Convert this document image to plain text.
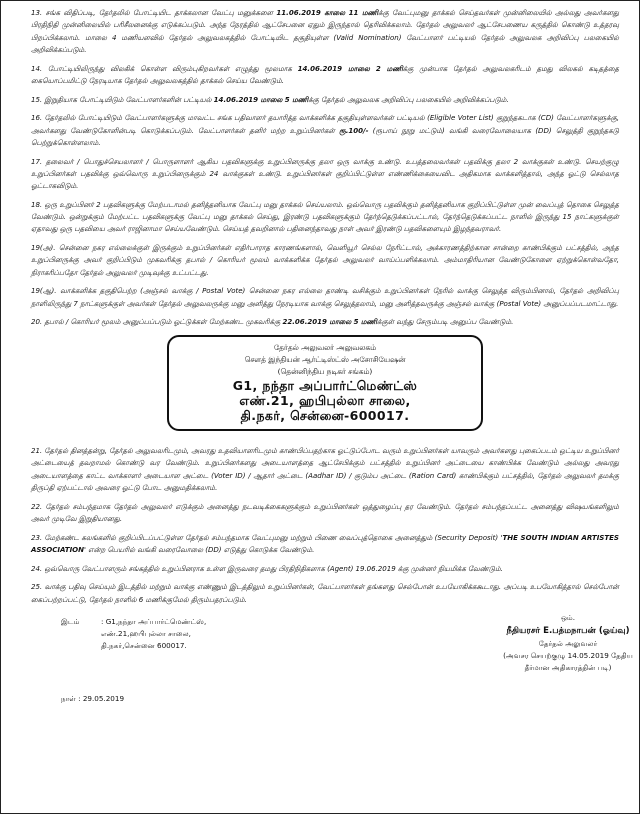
13. சங்க விதிப்படி, தேர்தலில் போட்டியிட தாக்கலான வேட்பு மனுக்களை 11.06.2019 காலை 11 மணிக்கு வேட்புமனு தாக்கல் செய்தவர்கள் முன்னிலையில் அல்லது அவர்களது பிரதிநிதி முன்னிலையில் பரிசீலனைக்கு எடுக்கப்படும். அந்த நேரத்தில் ஆட்சேபனை ஏதும் இருந்தால் தெரிவிக்கலாம். தேர்தல் அலுவலர் ஆட்சேபணைய கருத்தில் கொண்டு உத்தரவு பிறப்பிக்கலாம். மாலை 4 மணியளவில் தேர்தல் அலுவலகத்தில் போட்டியிட தகுதியுள்ள (Valid Nomination) வேட்பாளர் பட்டியல் தேர்தல் அலுவலக அறிவிப்பு பலகையில் அறிவிக்கப்படும்.

14. போட்டியிலிருந்து விலகிக் கொள்ள விரும்புகிறவர்கள் எழுத்து மூலமாக 14.06.2019 மாலை 2 மணிக்கு முன்பாக தேர்தல் அலுவலகரிடம் தமது விலகல் கடிதத்தை கையொப்பமிட்டு நேரடியாக தேர்தல் அலுவலகத்தில் தாக்கல் செய்ய வேண்டும்.

15. இறுதியாக போட்டியிடும் வேட்பாளர்களின் பட்டியல் 14.06.2019 மாலை 5 மணிக்கு தேர்தல் அலுவலக அறிவிப்பு பலகையில் அறிவிக்கப்படும்.

16. தேர்தலில் போட்டியிடும் வேட்பாளர்களுக்கு மாவட்ட சங்க பதிவாளர் தயாரித்த வாக்களிக்க தகுதியுள்ளவர்கள் பட்டியல் (Eligible Voter List) குறுந்தகடாக (CD) வேட்பாளர்களுக்கு, அவர்களது வேண்டுகோளின்படி கொடுக்கப்படும். வேட்பாளர்கள் தனிர் மற்ற உறுப்பினர்கள் ரூ.100/- (ரூபாய் நூறு மட்டும்) வங்கி வரைவோலையாக (DD) செலுத்தி குறுந்தகடு பெற்றுக்கொள்ளலாம்.

17. தலைவர் / பொதுச்செயலாளர் / பொருளாளர் ஆகிய பதவிகளுக்கு உறுப்பினருக்கு தலா ஒரு வாக்கு உண்டு. உபத்தலைவர்கள் பதவிக்கு தலா 2 வாக்குகள் உண்டு. செயற்குழு உறுப்பினர்கள் பதவிக்கு ஒவ்வொரு உறுப்பினருக்கும் 24 வாக்குகள் உண்டு. உறுப்பினர்கள் குறிப்பிட்டுள்ள எண்ணிக்கையைவிட அதிகமாக வாக்களித்தால், அந்த ஓட்டு செல்லாத ஓட்டாகவிடும்.

18. ஒரு உறுப்பினர் 2 பதவிகளுக்கு மேற்படாமல் தனித்தனியாக வேட்பு மனு தாக்கல் செய்யலாம். ஒவ்வொரு பதவிக்கும் தனித்தனியாக குறிப்பிட்டுள்ள முன் வைப்புத் தொகை செலுத்த வேண்டும். ஒன்றுக்கும் மேற்பட்ட பதவிகளுக்கு வேட்பு மனு தாக்கல் செய்து, இரண்டு பதவிகளுக்கும் தேர்ந்தெடுக்கப்பட்டால், தேர்ந்தெடுக்கப்பட்ட நாளில் இருந்து 15 நாட்களுக்குள் ஏதாவது ஒரு பதவியை அவர் ராஜினாமா செய்யவேண்டும். செய்யத் தவறினால் பதினைந்தாவது நாள் அவர் இரண்டு பதவிகளையும் இழந்தவராவர்.

19(அ). சென்னை நகர எல்லைக்குள் இருக்கும் உறுப்பினர்கள் எதிர்பாராத காரணங்களால், வெளியூர் செல்ல நேரிட்டால், அக்காரணத்திற்கான சான்றை காண்பிக்கும் பட்சத்தில், அந்த உறுப்பினருக்கு அவர் குறிப்பிடும் முகவரிக்கு தபால் / கொரியர் மூலம் வாக்களிக்க தேர்தல் அலுவலர் வாய்ப்பளிக்கலாம். அம்மாதிரியான வேண்டுகோளை ஏற்றுக்கொள்வதோ, நிராகரிப்பதோ தேர்தல் அலுவலர் முடிவுக்கு உட்பட்டது.

19(ஆ). வாக்களிக்க தகுதிபெற்ற (அஞ்சல் வாக்கு / Postal Vote) சென்னை நகர எல்லை தாண்டி வசிக்கும் உறுப்பினர்கள் நேரில் வாக்கு செலுத்த விரும்பினால், தேர்தல் அறிவிப்பு நாளிலிருந்து 7 நாட்களுக்குள் அவர்கள் தேர்தல் அலுவலருக்கு மனு அளித்து நேரடியாக வாக்கு செலுத்தலாம், மனு அளித்தவருக்கு அஞ்சல் வாக்கு (Postal Vote) அனுப்பப்படமாட்டாது.

20. தபால் / கொரியர் மூலம் அனுப்பப்படும் ஓட்டுக்கள் மேற்கண்ட முகவரிக்கு 22.06.2019 மாலை 5 மணிக்குள் வந்து சேரும்படி அனுப்ப வேண்டும்.

தேர்தல் அலுவலர் அலுவலகம்
சௌத் இந்தியன் ஆர்ட்டிஸ்ட்ஸ் அசோசியேஷன்
(தென்னிந்திய நடிகர் சங்கம்)
G1, நந்தா அப்பார்ட்மெண்ட்ஸ்
எண்.21, ஹபிபுல்லா சாலை,
தி.நகர், சென்னை-600017.

21. தேர்தல் தினத்தன்று, தேர்தல் அலுவலரிடமும், அவரது உதவியாளரிடமும் காண்பிப்பதற்காக ஓட்டுப்போட வரும் உறுப்பினர்கள் யாவரும் அவர்களது புகைப்படம் ஒட்டிய உறுப்பினர் அட்டையைத் தவறாமல் கொண்டு வர வேண்டும். உறுப்பினர்களது அடையாளத்தை ஆட்சேபிக்கும் பட்சத்தில் உறுப்பினர் அட்டையை காண்பிக்க வேண்டும் அல்லது அவரது அடையாளத்தை காட்ட வாக்காளர் அடையாள அட்டை (Voter ID) / ஆதார் அட்டை (Aadhar ID) / குடும்ப அட்டை (Ration Card) காண்பிக்கும் பட்சத்தில், தேர்தல் அலுவலர் தமக்கு திருப்தி ஏற்பட்டால் அவரை ஓட்டு போட அனுமதிக்கலாம்.

22. தேர்தல் சம்பந்தமாக தேர்தல் அலுவலர் எடுக்கும் அனைத்து நடவடிக்கைகளுக்கும் உறுப்பினர்கள் ஒத்துழைப்பு தர வேண்டும். தேர்தல் சம்பந்தப்பட்ட அனைத்து விஷயங்களிலும் அவர் முடிவே இறுதியானது.

23. மேற்கண்ட கலங்களில் குறிப்பிடப்பட்டுள்ள தேர்தல் சம்பந்தமாக வேட்புமனு மற்றும் பிணை வைப்புத்தொகை அனைத்தும் (Security Deposit) 'THE SOUTH INDIAN ARTISTES ASSOCIATION' என்ற பெயரில் வங்கி வரைவோலை (DD) எடுத்து கொடுக்க வேண்டும்.

24. ஒவ்வொரு வேட்பாளரும் சங்கத்தில் உறுப்பினராக உள்ள இருவரை தமது பிரதிநிதிகளாக (Agent) 19.06.2019 க்கு முன்னர் நியமிக்க வேண்டும்.

25. வாக்கு பதிவு செய்யும் இடத்தில் மற்றும் வாக்கு எண்ணும் இடத்திலும் உறுப்பினர்கள், வேட்பாளர்கள் தங்களது செல்போன் உபயோகிக்ககூடாது. அப்படி உபயோகித்தால் செல்போன் கைப்பற்றப்பட்டு, தேர்தல் நாளில் 6 மணிக்குமேல் திரும்பதரப்படும்.

இடம்	: G1,நந்தா அப்பார்ட்மெண்ட்ஸ்,
எண்.21,ஹபிபுல்லா சாலை,
தி.நகர்,சென்னை 600017.
நாள் : 29.05.2019
ஒம்.
நீதியரசர் E.பத்மநாபன் (ஓய்வு)
தேர்தல் அலுவலர்
(அவசர செயற்குழு 14.05.2019 தேதிய
தீர்மான அதிகாரத்தின் படி)
